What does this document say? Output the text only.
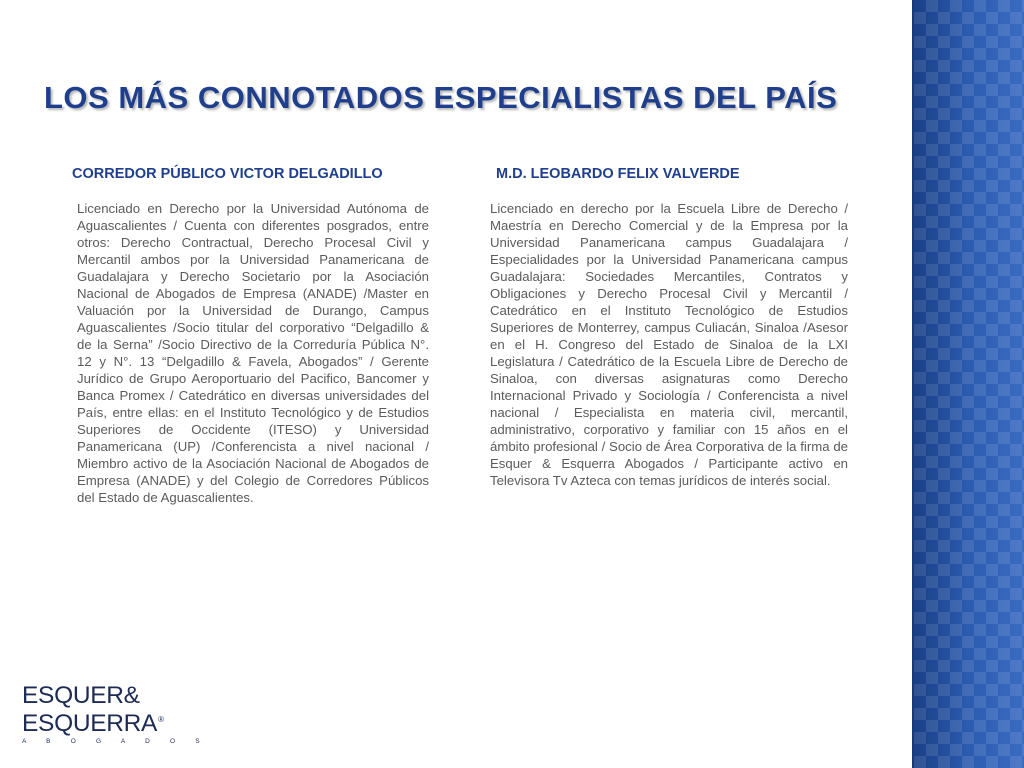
LOS MÁS CONNOTADOS ESPECIALISTAS DEL PAÍS
CORREDOR PÚBLICO VICTOR DELGADILLO

Licenciado en Derecho por la Universidad Autónoma de Aguascalientes / Cuenta con diferentes posgrados, entre otros: Derecho Contractual, Derecho Procesal Civil y Mercantil ambos por la Universidad Panamericana de Guadalajara y Derecho Societario por la Asociación Nacional de Abogados de Empresa (ANADE) /Master en Valuación por la Universidad de Durango, Campus Aguascalientes /Socio titular del corporativo “Delgadillo & de la Serna” /Socio Directivo de la Correduría Pública N°. 12 y N°. 13 “Delgadillo & Favela, Abogados” / Gerente Jurídico de Grupo Aeroportuario del Pacifico, Bancomer y Banca Promex / Catedrático en diversas universidades del País, entre ellas: en el Instituto Tecnológico y de Estudios Superiores de Occidente (ITESO) y Universidad Panamericana (UP) /Conferencista a nivel nacional / Miembro activo de la Asociación Nacional de Abogados de Empresa (ANADE) y del Colegio de Corredores Públicos del Estado de Aguascalientes.

M.D. LEOBARDO FELIX VALVERDE

Licenciado en derecho por la Escuela Libre de Derecho / Maestría en Derecho Comercial y de la Empresa por la Universidad Panamericana campus Guadalajara / Especialidades por la Universidad Panamericana campus Guadalajara: Sociedades Mercantiles, Contratos y Obligaciones y Derecho Procesal Civil y Mercantil / Catedrático en el Instituto Tecnológico de Estudios Superiores de Monterrey, campus Culiacán, Sinaloa /Asesor en el H. Congreso del Estado de Sinaloa de la LXI Legislatura / Catedrático de la Escuela Libre de Derecho de Sinaloa, con diversas asignaturas como Derecho Internacional Privado y Sociología / Conferencista a nivel nacional / Especialista en materia civil, mercantil, administrativo, corporativo y familiar con 15 años en el ámbito profesional / Socio de Área Corporativa de la firma de Esquer & Esquerra Abogados / Participante activo en Televisora Tv Azteca con temas jurídicos de interés social.

ESQUER&
ESQUERRA®
A B O G A D O S
